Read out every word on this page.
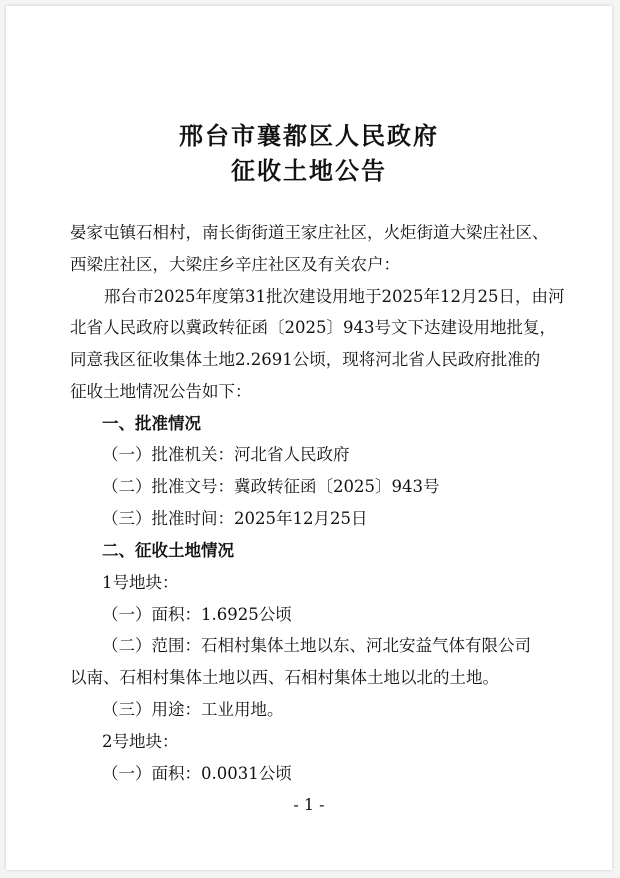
邢台市襄都区人民政府
征收土地公告
晏家屯镇石相村，南长街街道王家庄社区，火炬街道大梁庄社区、
西梁庄社区，大梁庄乡辛庄社区及有关农户：
邢台市2025年度第31批次建设用地于2025年12月25日，由河
北省人民政府以冀政转征函〔2025〕943号文下达建设用地批复，
同意我区征收集体土地2.2691公顷，现将河北省人民政府批准的
征收土地情况公告如下：
一、批准情况
（一）批准机关：河北省人民政府
（二）批准文号：冀政转征函〔2025〕943号
（三）批准时间：2025年12月25日
二、征收土地情况
1号地块：
（一）面积：1.6925公顷
（二）范围：石相村集体土地以东、河北安益气体有限公司
以南、石相村集体土地以西、石相村集体土地以北的土地。
（三）用途：工业用地。
2号地块：
（一）面积：0.0031公顷
- 1 -
